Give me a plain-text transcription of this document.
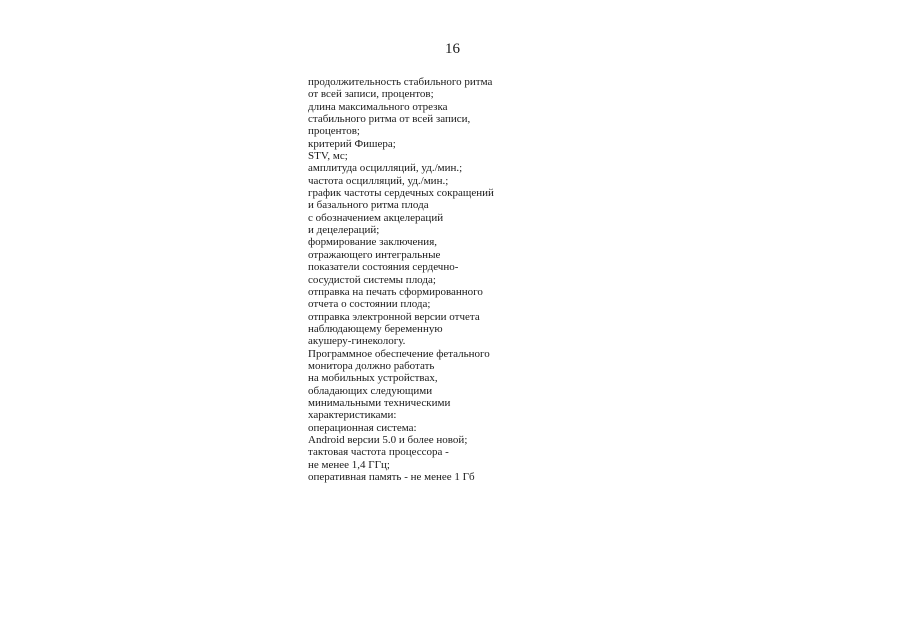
16
продолжительность стабильного ритма
от всей записи, процентов;
длина максимального отрезка
стабильного ритма от всей записи,
процентов;
критерий Фишера;
STV, мс;
амплитуда осцилляций, уд./мин.;
частота осцилляций, уд./мин.;
график частоты сердечных сокращений
и базального ритма плода
с обозначением акцелераций
и децелераций;
формирование заключения,
отражающего интегральные
показатели состояния сердечно-
сосудистой системы плода;
отправка на печать сформированного
отчета о состоянии плода;
отправка электронной версии отчета
наблюдающему беременную
акушеру-гинекологу.
Программное обеспечение фетального
монитора должно работать
на мобильных устройствах,
обладающих следующими
минимальными техническими
характеристиками:
операционная система:
Android версии 5.0 и более новой;
тактовая частота процессора -
не менее 1,4 ГГц;
оперативная память - не менее 1 Гб
